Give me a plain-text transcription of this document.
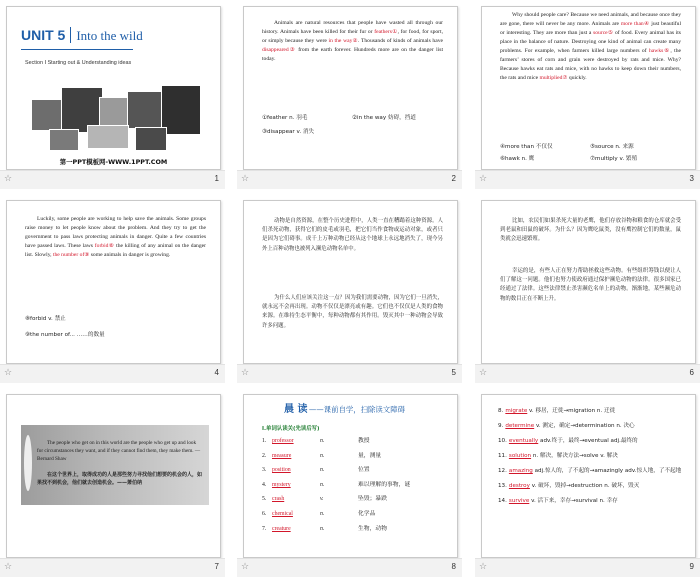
UNIT 5 Into the wild
Section Ⅰ Starting out & Understanding ideas
第一PPT模板网-WWW.1PPT.COM
☆	1
Animals are natural resources that people have wasted all through our history. Animals have been killed for their fur or feathers①, for food, for sport, or simply because they were in the way②. Thousands of kinds of animals have disappeared③ from the earth forever. Hundreds more are on the danger list today.
①feather n. 羽毛	②in the way 妨碍，挡道
③disappear v. 消失
☆	2
Why should people care? Because we need animals, and because once they are gone, there will never be any more. Animals are more than④ just beautiful or interesting. They are more than just a source⑤ of food. Every animal has its place in the balance of nature. Destroying one kind of animal can create many problems. For example, when farmers killed large numbers of hawks⑥, the farmers’ stores of corn and grain were destroyed by rats and mice. Why? Because hawks eat rats and mice, with no hawks to keep down their numbers, the rats and mice multiplied⑦ quickly.
④more than 不仅仅	⑤source n. 来源
⑥hawk n. 鹰	⑦multiply v. 繁殖
☆	3
Luckily, some people are working to help save the animals. Some groups raise money to let people know about the problem. And they try to get the government to pass laws protecting animals in danger. Quite a few countries have passed laws. These laws forbid⑧ the killing of any animal on the danger list. Slowly, the number of⑨ some animals in danger is growing.
⑧forbid v. 禁止
⑨the number of... ……的数量
☆	4
动物是自然资源，在整个历史进程中，人类一直在糟蹋着这种资源。人们杀死动物，获得它们的皮毛或羽毛，把它们当作食物或运动对象，或者只是因为它们碍事。成千上万种动物已经从这个地球上永远地消失了，现今另外上百种动物也被列入濒危动物名单中。
为什么人们应该关注这一点？因为我们需要动物，因为它们一旦消失，就永远不会再出现。动物不仅仅是漂亮或有趣。它们也不仅仅是人类的食物来源。在维持生态平衡中，每种动物都有其作用。毁灭其中一种动物会导致许多问题。
☆	5
比如，农民们如果杀死大量的老鹰，他们存放谷物和粮食的仓库就会受到老鼠和田鼠的破坏。为什么？因为鹰吃鼠类，没有鹰控制它们的数量，鼠类就会迅速繁殖。
幸运的是，有些人正在努力帮助拯救这些动物。有些组织筹钱以便让人们了解这一问题。他们也努力使政府通过保护濒危动物的法律。很多国家已经通过了法律。这些法律禁止杀害濒危名单上的动物。渐渐地，某些濒危动物的数目正在不断上升。
☆	6
The people who get on in this world are the people who get up and look for circumstances they want, and if they cannot find them, they make them. —Bernard Shaw
在这个世界上，取得成功的人是那些努力寻找他们想要的机会的人，如果找不到机会，他们就去创造机会。——萧伯纳
☆	7
晨 读 ——课前自学，扫除读文障碍
Ⅰ.单词认读关(先读后写)
1. professor	n.	教授
2. measure	n.	量，测量
3. position	n.	位置
4. mystery	n.	难以理解的事物，谜
5. crash	v.	坠毁；暴跌
6. chemical	n.	化学品
7. creature	n.	生物，动物
☆	8
8. migrate v. 移居，迁徙→migration n. 迁徙
9. determine v. 测定，确定→determination n. 决心
10. eventually adv.终于，最终→eventual adj.最终的
11. solution n. 解决，解决方法→solve v. 解决
12. amazing adj.惊人的，了不起的→amazingly adv.惊人地，了不起地
13. destroy v. 破坏，毁掉→destruction n. 破坏，毁灭
14. survive v. 活下来，幸存→survival n. 幸存
☆	9
